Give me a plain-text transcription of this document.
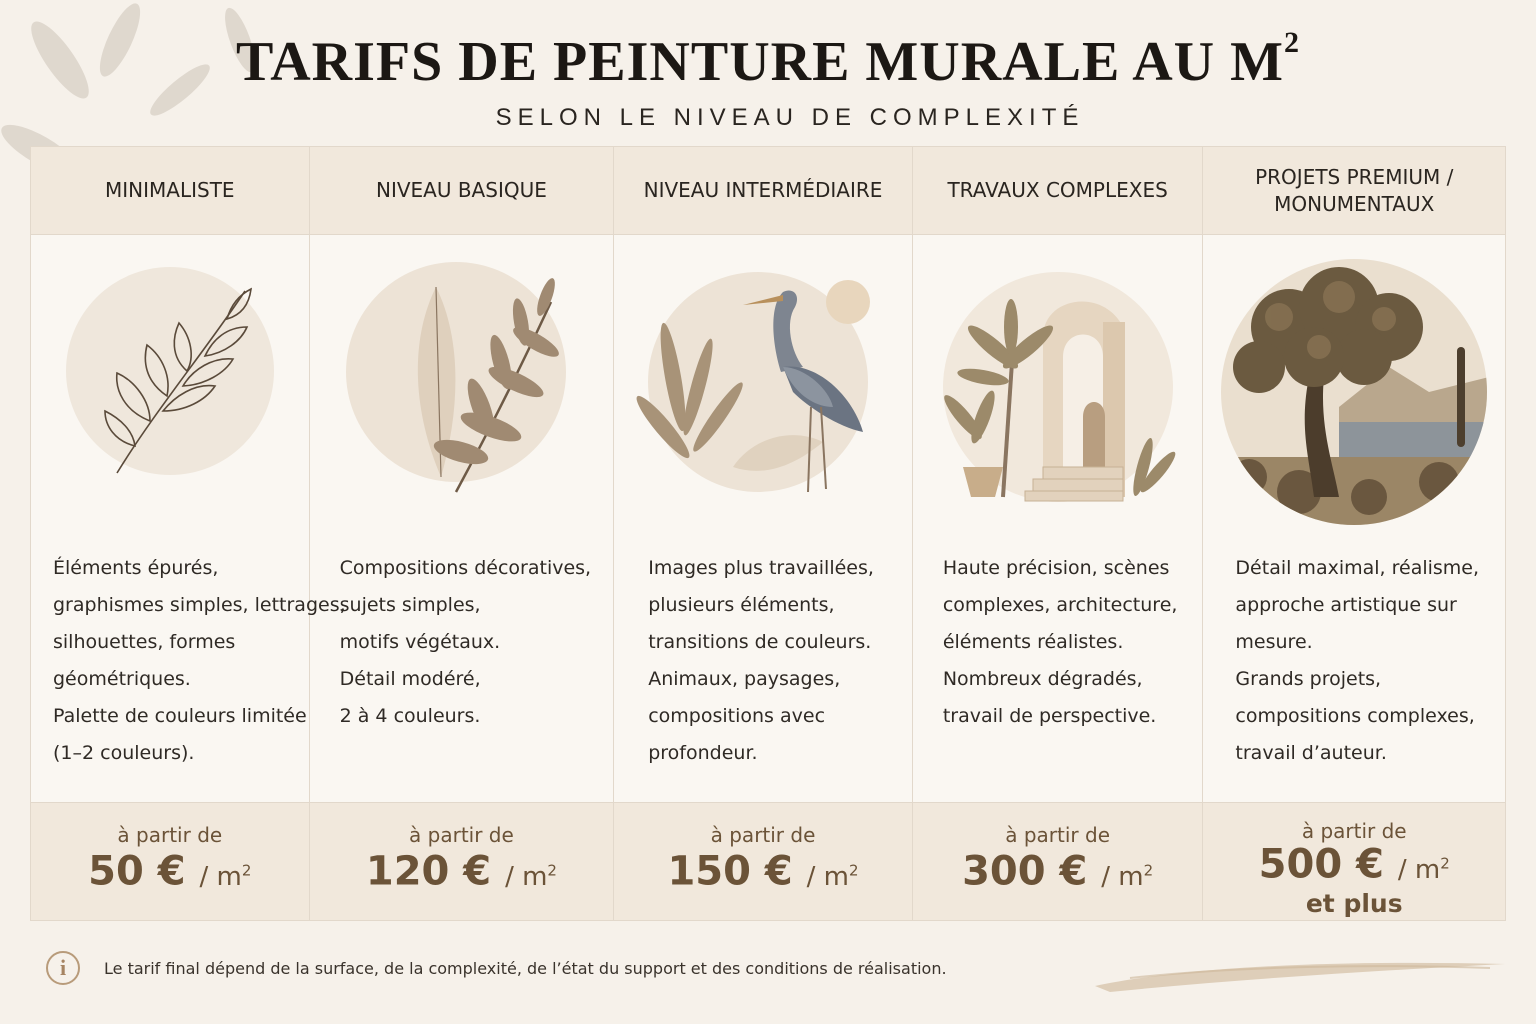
TARIFS DE PEINTURE MURALE AU $M^2$
SELON LE NIVEAU DE COMPLEXITÉ
MINIMALISTE
Éléments épurés,
graphismes simples, lettrages,
silhouettes, formes
géométriques.
Palette de couleurs limitée
(1–2 couleurs).
à partir de
50 € / $m^2$
NIVEAU BASIQUE
Compositions décoratives,
sujets simples,
motifs végétaux.
Détail modéré,
2 à 4 couleurs.
à partir de
120 € / $m^2$
NIVEAU INTERMÉDIAIRE
Images plus travaillées,
plusieurs éléments,
transitions de couleurs.
Animaux, paysages,
compositions avec
profondeur.
à partir de
150 € / $m^2$
TRAVAUX COMPLEXES
Haute précision, scènes
complexes, architecture,
éléments réalistes.
Nombreux dégradés,
travail de perspective.
à partir de
300 € / $m^2$
PROJETS PREMIUM /
MONUMENTAUX
Détail maximal, réalisme,
approche artistique sur
mesure.
Grands projets,
compositions complexes,
travail d’auteur.
à partir de
500 € / $m^2$
et plus
i	Le tarif final dépend de la surface, de la complexité, de l’état du support et des conditions de réalisation.
